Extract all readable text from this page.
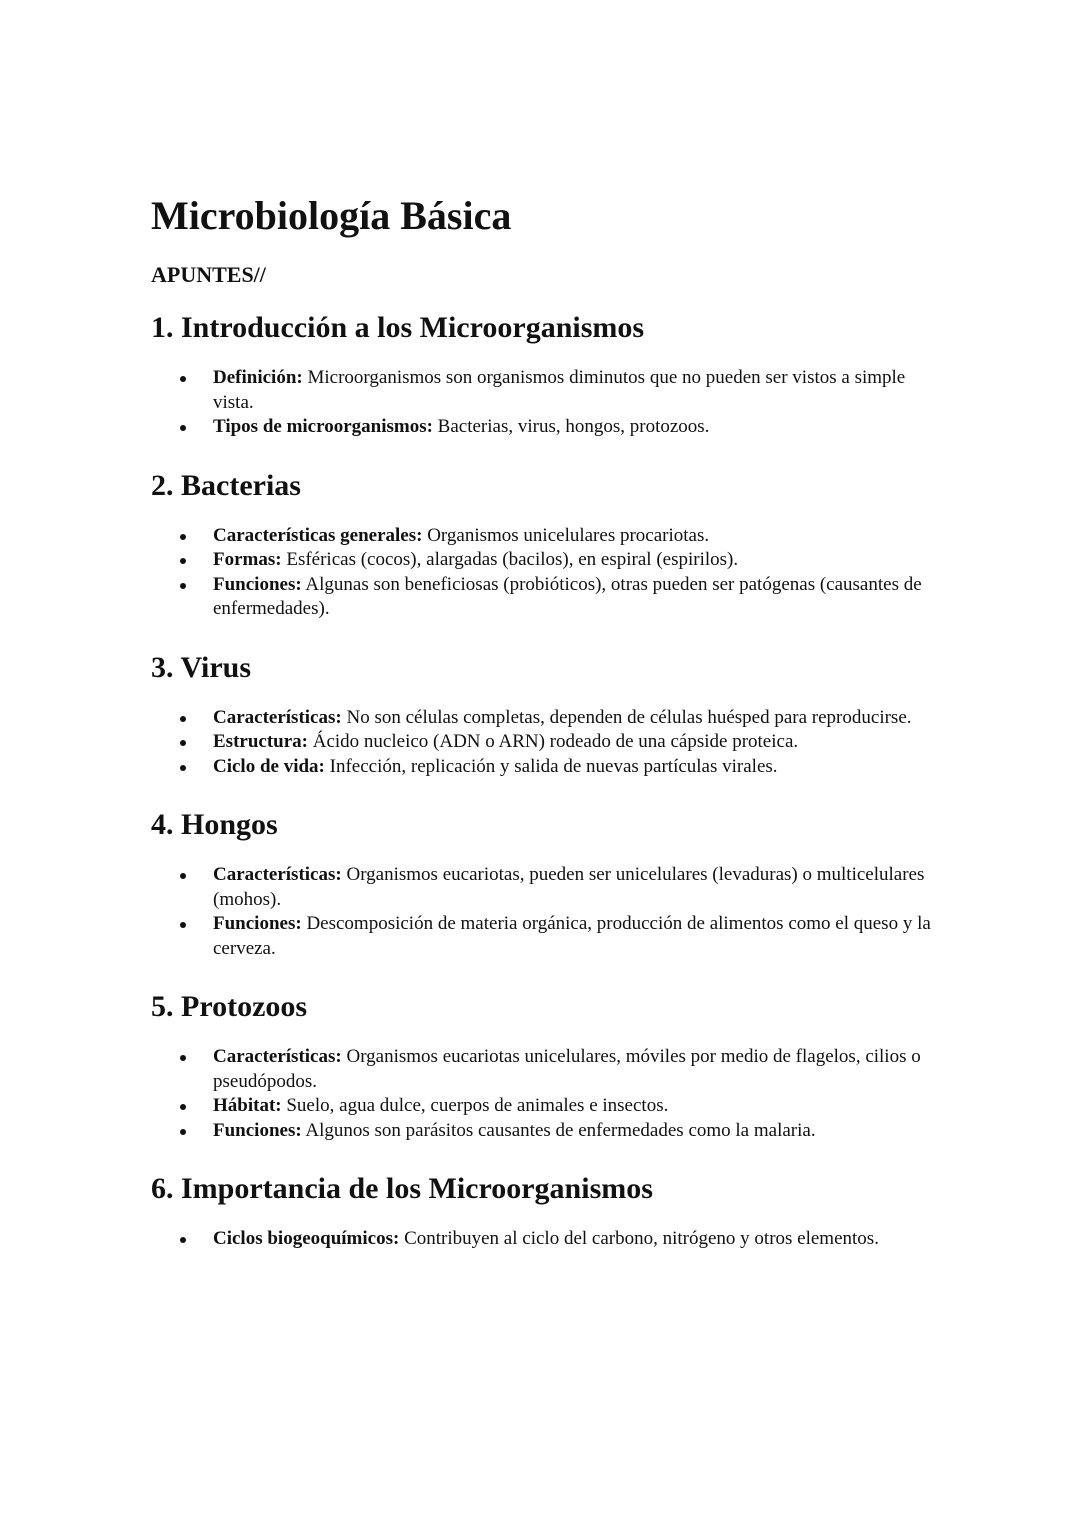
Microbiología Básica
APUNTES//
1. Introducción a los Microorganismos
Definición: Microorganismos son organismos diminutos que no pueden ser vistos a simple vista.
Tipos de microorganismos: Bacterias, virus, hongos, protozoos.
2. Bacterias
Características generales: Organismos unicelulares procariotas.
Formas: Esféricas (cocos), alargadas (bacilos), en espiral (espirilos).
Funciones: Algunas son beneficiosas (probióticos), otras pueden ser patógenas (causantes de enfermedades).
3. Virus
Características: No son células completas, dependen de células huésped para reproducirse.
Estructura: Ácido nucleico (ADN o ARN) rodeado de una cápside proteica.
Ciclo de vida: Infección, replicación y salida de nuevas partículas virales.
4. Hongos
Características: Organismos eucariotas, pueden ser unicelulares (levaduras) o multicelulares (mohos).
Funciones: Descomposición de materia orgánica, producción de alimentos como el queso y la cerveza.
5. Protozoos
Características: Organismos eucariotas unicelulares, móviles por medio de flagelos, cilios o pseudópodos.
Hábitat: Suelo, agua dulce, cuerpos de animales e insectos.
Funciones: Algunos son parásitos causantes de enfermedades como la malaria.
6. Importancia de los Microorganismos
Ciclos biogeoquímicos: Contribuyen al ciclo del carbono, nitrógeno y otros elementos.
